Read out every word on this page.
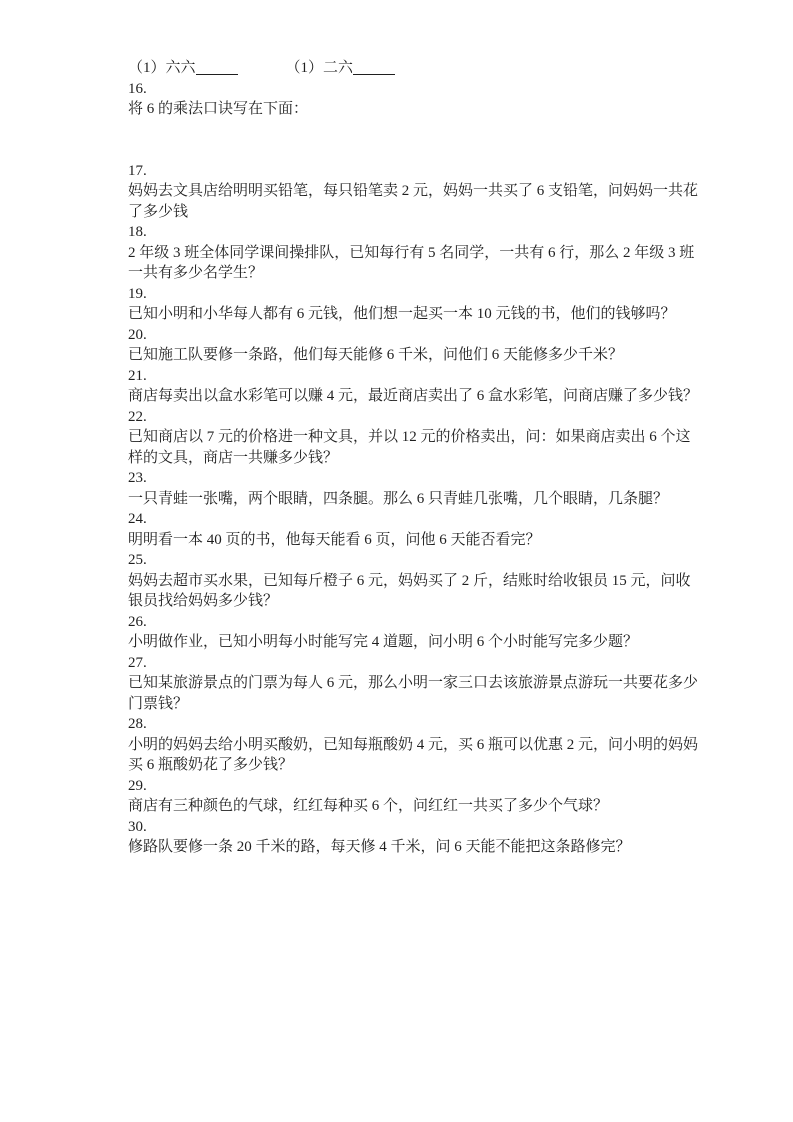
（1）六六	（1）二六
16.
将 6 的乘法口诀写在下面：
17.
妈妈去文具店给明明买铅笔，每只铅笔卖 2 元，妈妈一共买了 6 支铅笔，问妈妈一共花
了多少钱
18.
2 年级 3 班全体同学课间操排队，已知每行有 5 名同学，一共有 6 行，那么 2 年级 3 班
一共有多少名学生？
19.
已知小明和小华每人都有 6 元钱，他们想一起买一本 10 元钱的书，他们的钱够吗？
20.
已知施工队要修一条路，他们每天能修 6 千米，问他们 6 天能修多少千米？
21.
商店每卖出以盒水彩笔可以赚 4 元，最近商店卖出了 6 盒水彩笔，问商店赚了多少钱？
22.
已知商店以 7 元的价格进一种文具，并以 12 元的价格卖出，问：如果商店卖出 6 个这
样的文具，商店一共赚多少钱？
23.
一只青蛙一张嘴，两个眼睛，四条腿。那么 6 只青蛙几张嘴，几个眼睛，几条腿？
24.
明明看一本 40 页的书，他每天能看 6 页，问他 6 天能否看完？
25.
妈妈去超市买水果，已知每斤橙子 6 元，妈妈买了 2 斤，结账时给收银员 15 元，问收
银员找给妈妈多少钱？
26.
小明做作业，已知小明每小时能写完 4 道题，问小明 6 个小时能写完多少题？
27.
已知某旅游景点的门票为每人 6 元，那么小明一家三口去该旅游景点游玩一共要花多少
门票钱？
28.
小明的妈妈去给小明买酸奶，已知每瓶酸奶 4 元，买 6 瓶可以优惠 2 元，问小明的妈妈
买 6 瓶酸奶花了多少钱？
29.
商店有三种颜色的气球，红红每种买 6 个，问红红一共买了多少个气球？
30.
修路队要修一条 20 千米的路，每天修 4 千米，问 6 天能不能把这条路修完？
